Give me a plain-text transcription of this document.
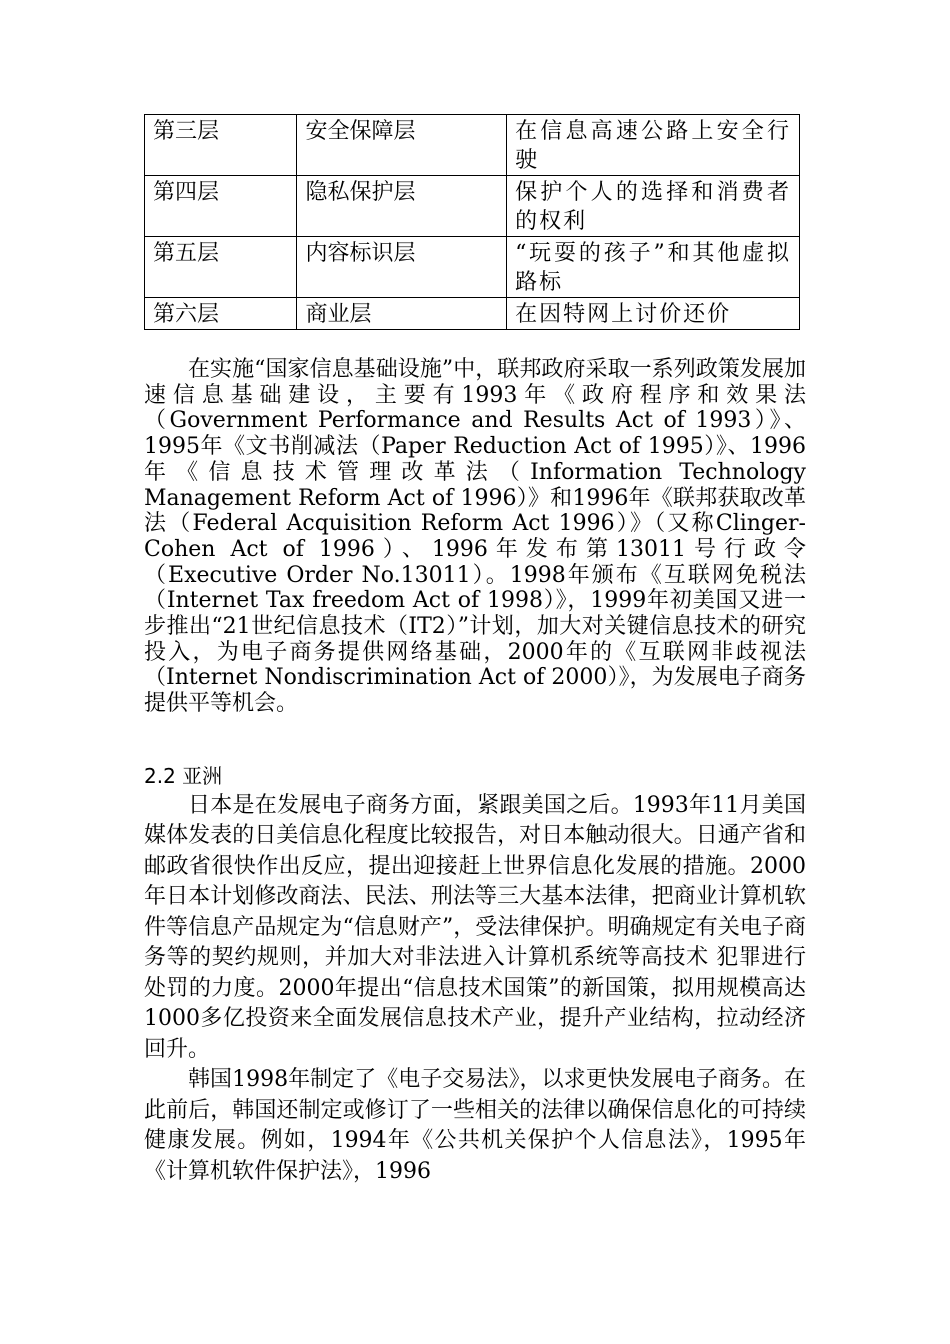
第三层	安全保障层	在信息高速公路上安全行驶
第四层	隐私保护层	保护个人的选择和消费者的权利
第五层	内容标识层	“玩耍的孩子”和其他虚拟路标
第六层	商业层	在因特网上讨价还价

在实施“国家信息基础设施”中，联邦政府采取一系列政策发展加速信息基础建设，主要有1993年《政府程序和效果法（Government Performance and Results Act of 1993）》、1995年《文书削减法（Paper Reduction Act of 1995）》、1996年《信息技术管理改革法（Information Technology Management Reform Act of 1996）》和1996年《联邦获取改革法（Federal Acquisition Reform Act 1996）》（又称Clinger-Cohen Act of 1996）、1996年发布第13011号行政令（Executive Order No.13011）。1998年颁布《互联网免税法（Internet Tax freedom Act of 1998）》，1999年初美国又进一步推出“21世纪信息技术（IT2）”计划，加大对关键信息技术的研究投入，为电子商务提供网络基础，2000年的《互联网非歧视法（Internet Nondiscrimination Act of 2000）》，为发展电子商务提供平等机会。

2.2 亚洲

日本是在发展电子商务方面，紧跟美国之后。1993年11月美国媒体发表的日美信息化程度比较报告，对日本触动很大。日通产省和邮政省很快作出反应，提出迎接赶上世界信息化发展的措施。2000年日本计划修改商法、民法、刑法等三大基本法律，把商业计算机软件等信息产品规定为“信息财产”，受法律保护。明确规定有关电子商务等的契约规则，并加大对非法进入计算机系统等高技术 犯罪进行处罚的力度。2000年提出“信息技术国策”的新国策，拟用规模高达1000多亿投资来全面发展信息技术产业，提升产业结构，拉动经济回升。

韩国1998年制定了《电子交易法》，以求更快发展电子商务。在此前后，韩国还制定或修订了一些相关的法律以确保信息化的可持续健康发展。例如，1994年《公共机关保护个人信息法》，1995年《计算机软件保护法》，1996
